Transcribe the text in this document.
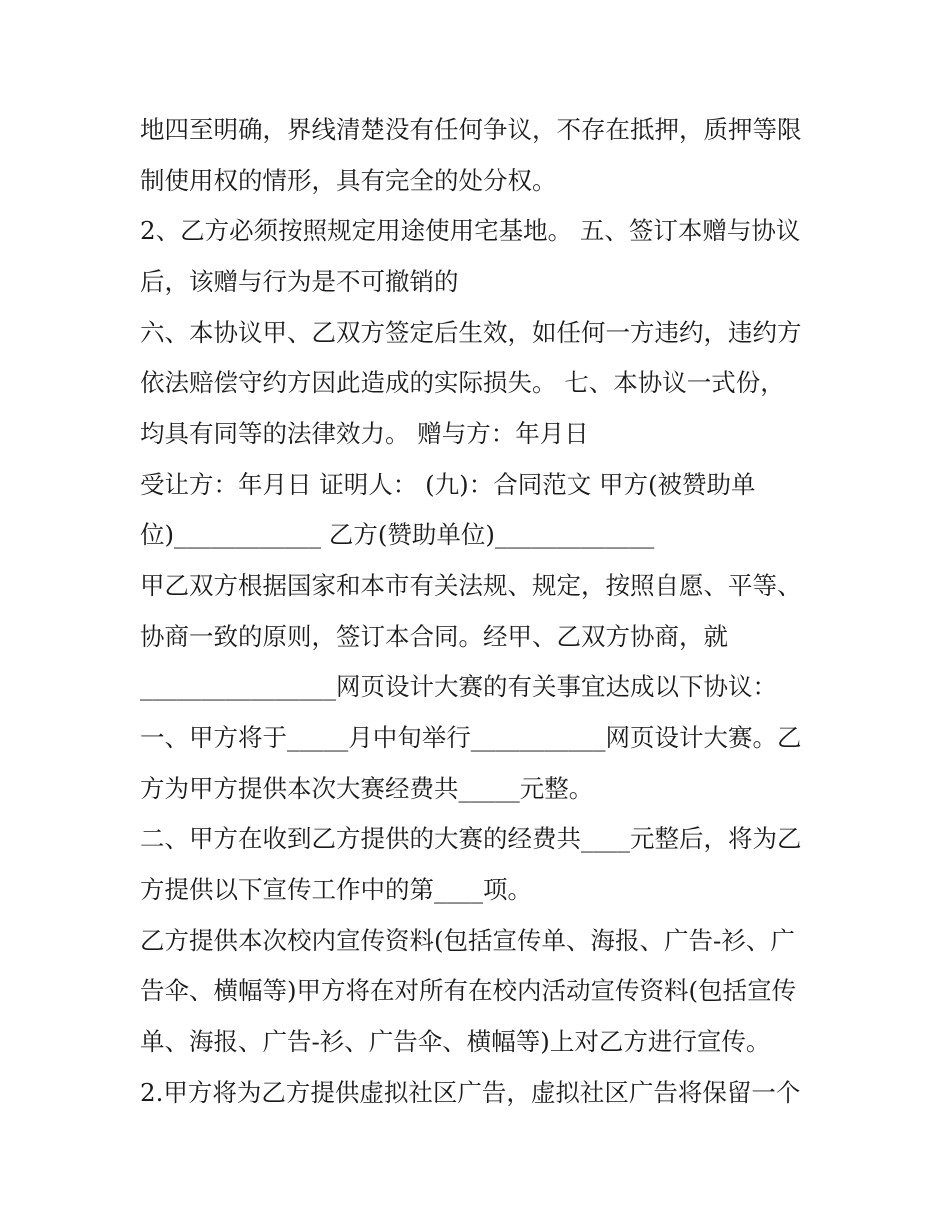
地四至明确，界线清楚没有任何争议，不存在抵押，质押等限
制使用权的情形，具有完全的处分权。
2、乙方必须按照规定用途使用宅基地。 五、签订本赠与协议
后，该赠与行为是不可撤销的
六、本协议甲、乙双方签定后生效，如任何一方违约，违约方
依法赔偿守约方因此造成的实际损失。 七、本协议一式份，
均具有同等的法律效力。 赠与方：年月日
受让方：年月日 证明人： (九)：合同范文 甲方(被赞助单
位)____________ 乙方(赞助单位)_____________
甲乙双方根据国家和本市有关法规、规定，按照自愿、平等、
协商一致的原则，签订本合同。经甲、乙双方协商，就
________________网页设计大赛的有关事宜达成以下协议：
一、甲方将于_____月中旬举行___________网页设计大赛。乙
方为甲方提供本次大赛经费共_____元整。
二、甲方在收到乙方提供的大赛的经费共____元整后，将为乙
方提供以下宣传工作中的第____项。
乙方提供本次校内宣传资料(包括宣传单、海报、广告-衫、广
告伞、横幅等)甲方将在对所有在校内活动宣传资料(包括宣传
单、海报、广告-衫、广告伞、横幅等)上对乙方进行宣传。
2.甲方将为乙方提供虚拟社区广告，虚拟社区广告将保留一个
